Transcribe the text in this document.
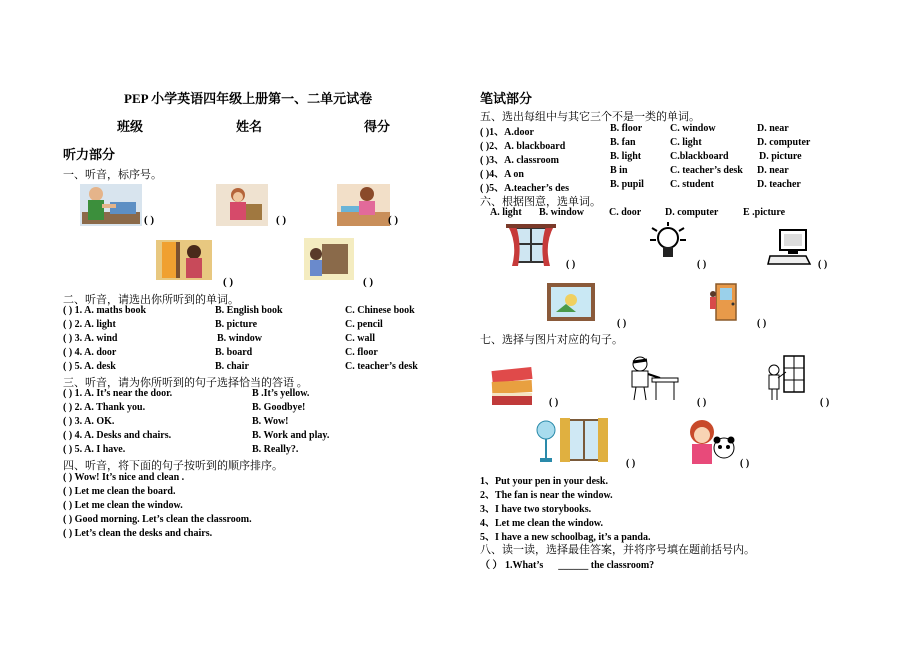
PEP 小学英语四年级上册第一、二单元试卷
班级	姓名	得分
听力部分
一、听音，标序号。
( )	( )	( )
( )	( )
二、听音，请选出你所听到的单词。
( ) 1. A. maths book	B. English book	C. Chinese book
( ) 2. A. light	B. picture	C. pencil
( ) 3. A. wind	B. window	C. wall
( ) 4. A. door	B. board	C. floor
( ) 5. A. desk	B. chair	C. teacher’s desk
三、听音，请为你所听到的句子选择恰当的答语 。
( ) 1. A. It’s near the door.	B .It’s yellow.
( ) 2. A. Thank you.	B. Goodbye!
( ) 3. A. OK.	B. Wow!
( ) 4. A. Desks and chairs.	B. Work and play.
( ) 5. A. I have.	B. Really?.
四、听音，将下面的句子按听到的顺序排序。
( ) Wow! It’s nice and clean .
( ) Let me clean the board.
( ) Let me clean the window.
( ) Good morning. Let’s clean the classroom.
( ) Let’s clean the desks and chairs.
笔试部分
五、选出每组中与其它三个不是一类的单词。
( )1、A.door	B. floor	C. window	D. near
( )2、A. blackboard	B. fan	C. light	D. computer
( )3、A. classroom	B. light	C.blackboard	D. picture
( )4、A on	B in	C. teacher’s desk D. near
( )5、A.teacher’s des	B. pupil	C. student	D. teacher
六、根据图意，选单词。
A. light B. window C. door D. computer E .picture
( )	( )	( )
( )	( )
七、选择与图片对应的句子。
( )	( )	( )
( )	( )
1、Put your pen in your desk.
2、The fan is near the window.
3、I have two storybooks.
4、Let me clean the window.
5、I have a new schoolbag, it’s a panda.
八、读一读，选择最佳答案，并将序号填在题前括号内。
（ ） 1.What’s ______ the classroom?
